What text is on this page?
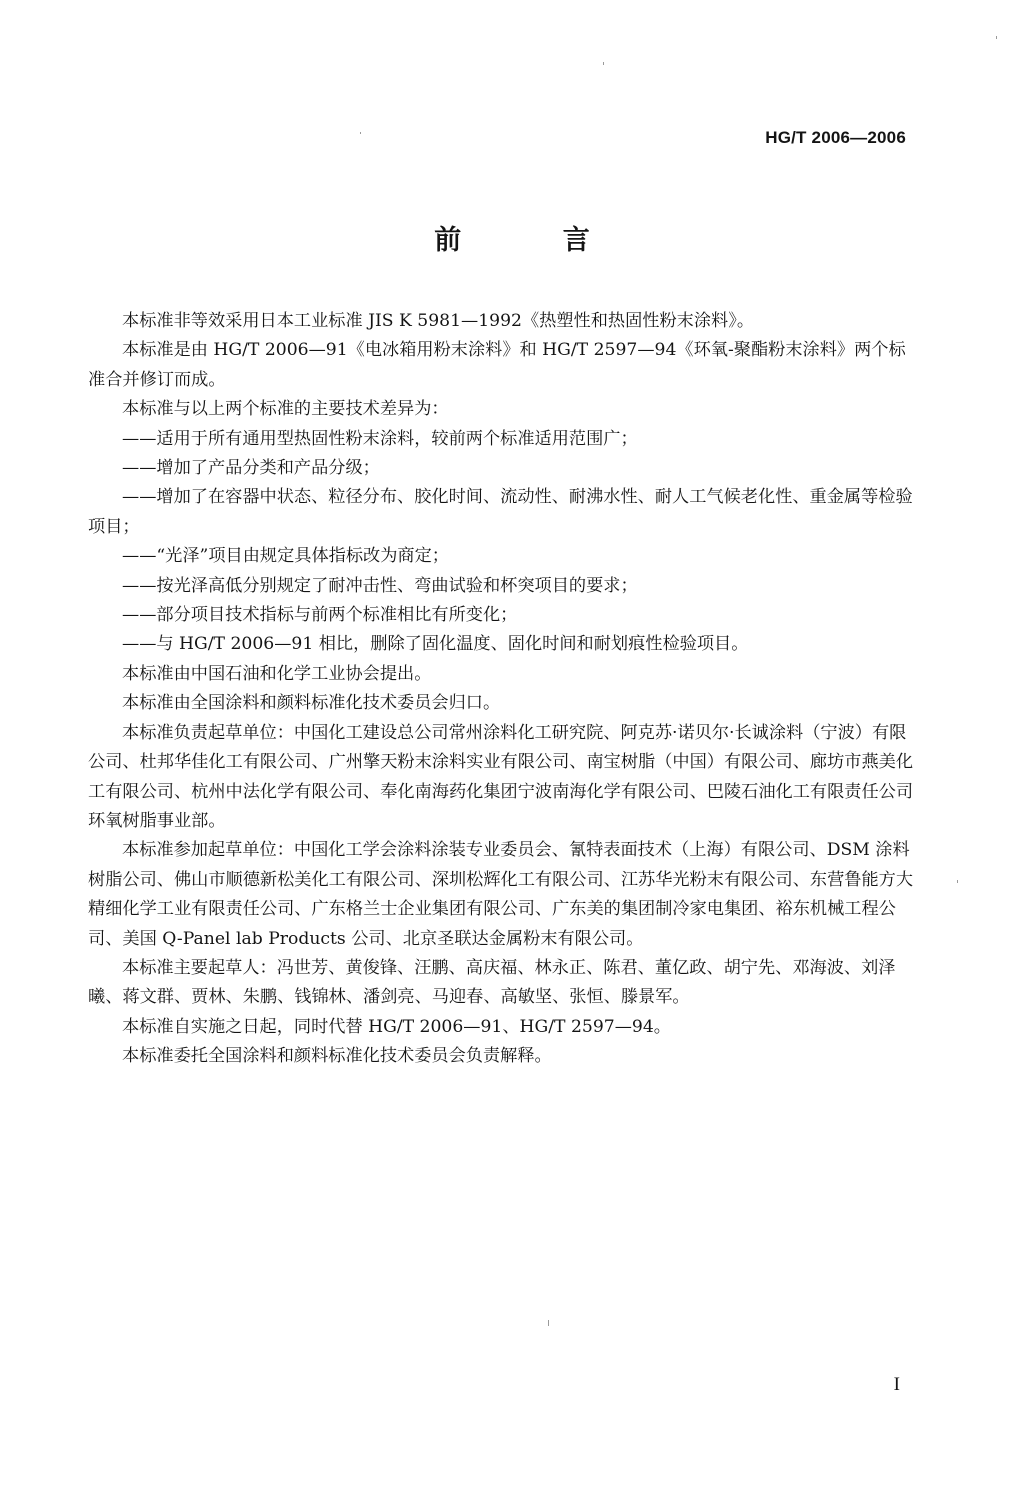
HG/T 2006—2006
前 言

本标准非等效采用日本工业标准 JIS K 5981—1992《热塑性和热固性粉末涂料》。

本标准是由 HG/T 2006—91《电冰箱用粉末涂料》和 HG/T 2597—94《环氧-聚酯粉末涂料》两个标准合并修订而成。

本标准与以上两个标准的主要技术差异为：

——适用于所有通用型热固性粉末涂料，较前两个标准适用范围广；

——增加了产品分类和产品分级；

——增加了在容器中状态、粒径分布、胶化时间、流动性、耐沸水性、耐人工气候老化性、重金属等检验项目；

——“光泽”项目由规定具体指标改为商定；

——按光泽高低分别规定了耐冲击性、弯曲试验和杯突项目的要求；

——部分项目技术指标与前两个标准相比有所变化；

——与 HG/T 2006—91 相比，删除了固化温度、固化时间和耐划痕性检验项目。

本标准由中国石油和化学工业协会提出。

本标准由全国涂料和颜料标准化技术委员会归口。

本标准负责起草单位：中国化工建设总公司常州涂料化工研究院、阿克苏·诺贝尔·长诚涂料（宁波）有限公司、杜邦华佳化工有限公司、广州擎天粉末涂料实业有限公司、南宝树脂（中国）有限公司、廊坊市燕美化工有限公司、杭州中法化学有限公司、奉化南海药化集团宁波南海化学有限公司、巴陵石油化工有限责任公司环氧树脂事业部。

本标准参加起草单位：中国化工学会涂料涂装专业委员会、氰特表面技术（上海）有限公司、DSM 涂料树脂公司、佛山市顺德新松美化工有限公司、深圳松辉化工有限公司、江苏华光粉末有限公司、东营鲁能方大精细化学工业有限责任公司、广东格兰士企业集团有限公司、广东美的集团制冷家电集团、裕东机械工程公司、美国 Q-Panel lab Products 公司、北京圣联达金属粉末有限公司。

本标准主要起草人：冯世芳、黄俊锋、汪鹏、高庆福、林永正、陈君、董亿政、胡宁先、邓海波、刘泽曦、蒋文群、贾林、朱鹏、钱锦林、潘剑亮、马迎春、高敏坚、张恒、滕景军。

本标准自实施之日起，同时代替 HG/T 2006—91、HG/T 2597—94。

本标准委托全国涂料和颜料标准化技术委员会负责解释。

I
